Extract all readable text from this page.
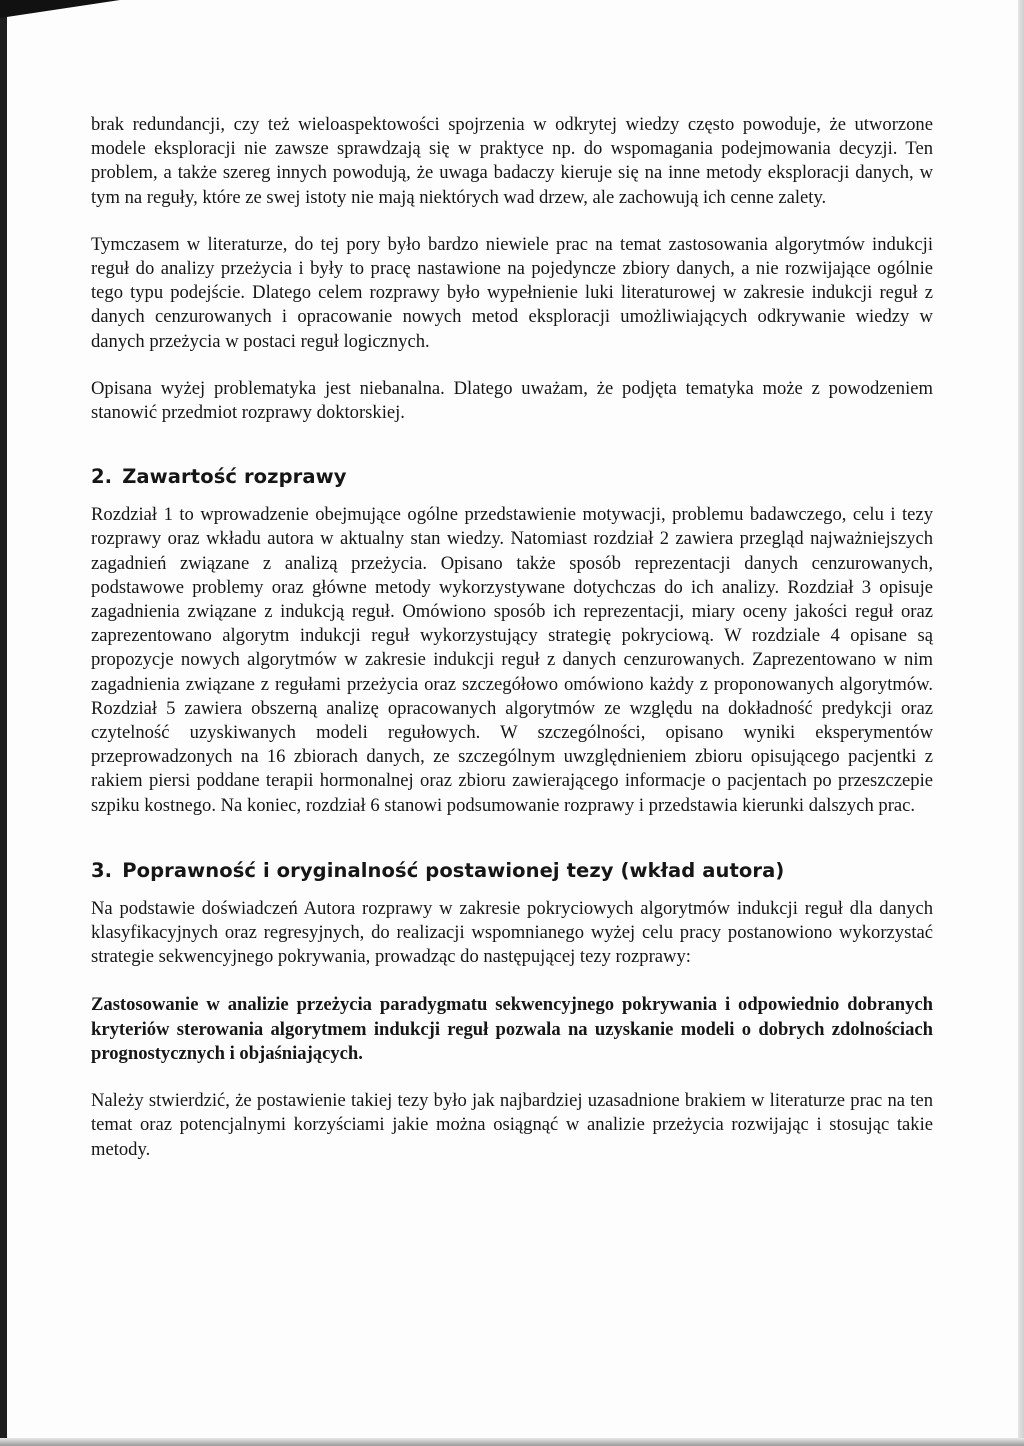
brak redundancji, czy też wieloaspektowości spojrzenia w odkrytej wiedzy często powoduje, że utworzone modele eksploracji nie zawsze sprawdzają się w praktyce np. do wspomagania podejmowania decyzji. Ten problem, a także szereg innych powodują, że uwaga badaczy kieruje się na inne metody eksploracji danych, w tym na reguły, które ze swej istoty nie mają niektórych wad drzew, ale zachowują ich cenne zalety.

Tymczasem w literaturze, do tej pory było bardzo niewiele prac na temat zastosowania algorytmów indukcji reguł do analizy przeżycia i były to pracę nastawione na pojedyncze zbiory danych, a nie rozwijające ogólnie tego typu podejście. Dlatego celem rozprawy było wypełnienie luki literaturowej w zakresie indukcji reguł z danych cenzurowanych i opracowanie nowych metod eksploracji umożliwiających odkrywanie wiedzy w danych przeżycia w postaci reguł logicznych.

Opisana wyżej problematyka jest niebanalna. Dlatego uważam, że podjęta tematyka może z powodzeniem stanowić przedmiot rozprawy doktorskiej.

2. Zawartość rozprawy

Rozdział 1 to wprowadzenie obejmujące ogólne przedstawienie motywacji, problemu badawczego, celu i tezy rozprawy oraz wkładu autora w aktualny stan wiedzy. Natomiast rozdział 2 zawiera przegląd najważniejszych zagadnień związane z analizą przeżycia. Opisano także sposób reprezentacji danych cenzurowanych, podstawowe problemy oraz główne metody wykorzystywane dotychczas do ich analizy. Rozdział 3 opisuje zagadnienia związane z indukcją reguł. Omówiono sposób ich reprezentacji, miary oceny jakości reguł oraz zaprezentowano algorytm indukcji reguł wykorzystujący strategię pokryciową. W rozdziale 4 opisane są propozycje nowych algorytmów w zakresie indukcji reguł z danych cenzurowanych. Zaprezentowano w nim zagadnienia związane z regułami przeżycia oraz szczegółowo omówiono każdy z proponowanych algorytmów. Rozdział 5 zawiera obszerną analizę opracowanych algorytmów ze względu na dokładność predykcji oraz czytelność uzyskiwanych modeli regułowych. W szczególności, opisano wyniki eksperymentów przeprowadzonych na 16 zbiorach danych, ze szczególnym uwzględnieniem zbioru opisującego pacjentki z rakiem piersi poddane terapii hormonalnej oraz zbioru zawierającego informacje o pacjentach po przeszczepie szpiku kostnego. Na koniec, rozdział 6 stanowi podsumowanie rozprawy i przedstawia kierunki dalszych prac.

3. Poprawność i oryginalność postawionej tezy (wkład autora)

Na podstawie doświadczeń Autora rozprawy w zakresie pokryciowych algorytmów indukcji reguł dla danych klasyfikacyjnych oraz regresyjnych, do realizacji wspomnianego wyżej celu pracy postanowiono wykorzystać strategie sekwencyjnego pokrywania, prowadząc do następującej tezy rozprawy:

Zastosowanie w analizie przeżycia paradygmatu sekwencyjnego pokrywania i odpowiednio dobranych kryteriów sterowania algorytmem indukcji reguł pozwala na uzyskanie modeli o dobrych zdolnościach prognostycznych i objaśniających.

Należy stwierdzić, że postawienie takiej tezy było jak najbardziej uzasadnione brakiem w literaturze prac na ten temat oraz potencjalnymi korzyściami jakie można osiągnąć w analizie przeżycia rozwijając i stosując takie metody.
